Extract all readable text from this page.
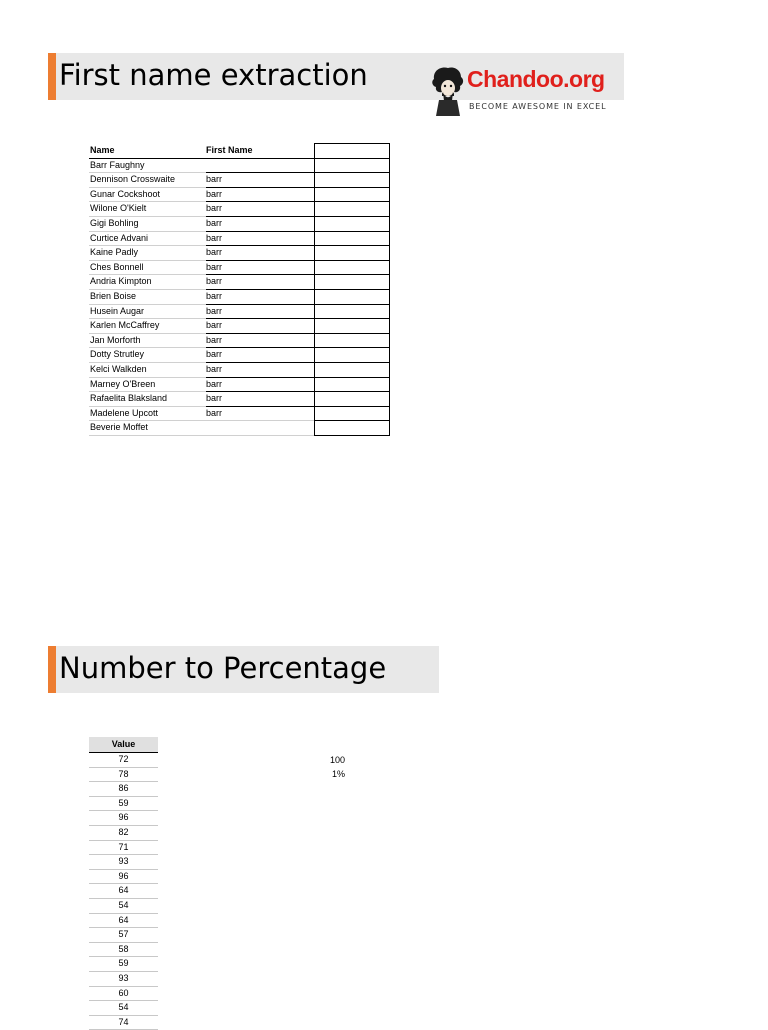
First name extraction	Chandoo.org
BECOME AWESOME IN EXCEL
Name	First Name
Barr Faughny
Dennison Crosswaite	barr
Gunar Cockshoot	barr
Wilone O'Kielt	barr
Gigi Bohling	barr
Curtice Advani	barr
Kaine Padly	barr
Ches Bonnell	barr
Andria Kimpton	barr
Brien Boise	barr
Husein Augar	barr
Karlen McCaffrey	barr
Jan Morforth	barr
Dotty Strutley	barr
Kelci Walkden	barr
Marney O'Breen	barr
Rafaelita Blaksland	barr
Madelene Upcott	barr
Beverie Moffet
Number to Percentage
Value
72
78
86
59
96
82
71
93
96
64
54
64
57
58
59
93
60
54
74
100
1%
